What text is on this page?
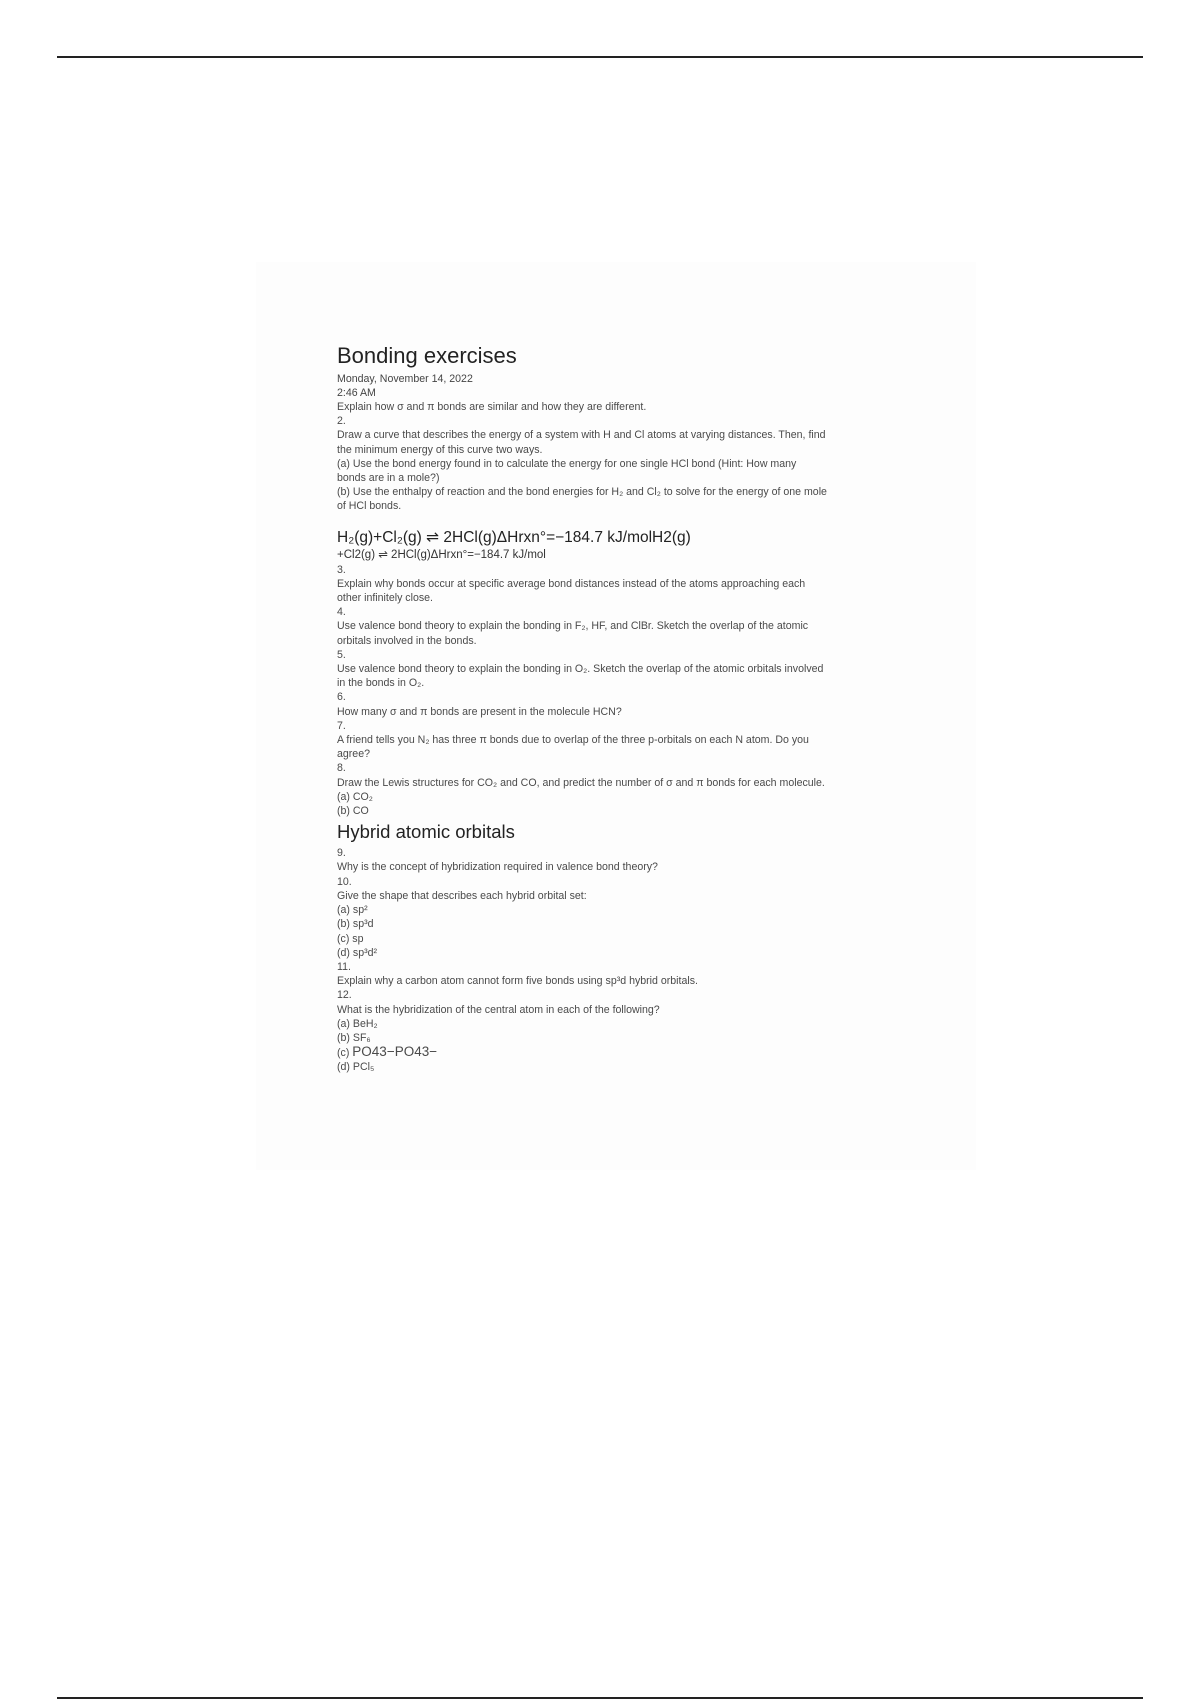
Bonding exercises
Monday, November 14, 2022
2:46 AM
Explain how σ and π bonds are similar and how they are different.
2.
Draw a curve that describes the energy of a system with H and Cl atoms at varying distances. Then, find the minimum energy of this curve two ways.
(a) Use the bond energy found in to calculate the energy for one single HCl bond (Hint: How many bonds are in a mole?)
(b) Use the enthalpy of reaction and the bond energies for H₂ and Cl₂ to solve for the energy of one mole of HCl bonds.
H₂(g)+Cl₂(g) ⇌ 2HCl(g)ΔHrxn°=−184.7 kJ/molH2(g)
+Cl2(g) ⇌ 2HCl(g)ΔHrxn°=−184.7 kJ/mol
3.
Explain why bonds occur at specific average bond distances instead of the atoms approaching each other infinitely close.
4.
Use valence bond theory to explain the bonding in F₂, HF, and ClBr. Sketch the overlap of the atomic orbitals involved in the bonds.
5.
Use valence bond theory to explain the bonding in O₂. Sketch the overlap of the atomic orbitals involved in the bonds in O₂.
6.
How many σ and π bonds are present in the molecule HCN?
7.
A friend tells you N₂ has three π bonds due to overlap of the three p-orbitals on each N atom. Do you agree?
8.
Draw the Lewis structures for CO₂ and CO, and predict the number of σ and π bonds for each molecule.
(a) CO₂
(b) CO
Hybrid atomic orbitals
9.
Why is the concept of hybridization required in valence bond theory?
10.
Give the shape that describes each hybrid orbital set:
(a) sp²
(b) sp³d
(c) sp
(d) sp³d²
11.
Explain why a carbon atom cannot form five bonds using sp³d hybrid orbitals.
12.
What is the hybridization of the central atom in each of the following?
(a) BeH₂
(b) SF₆
(c) PO43−PO43−
(d) PCl₅
